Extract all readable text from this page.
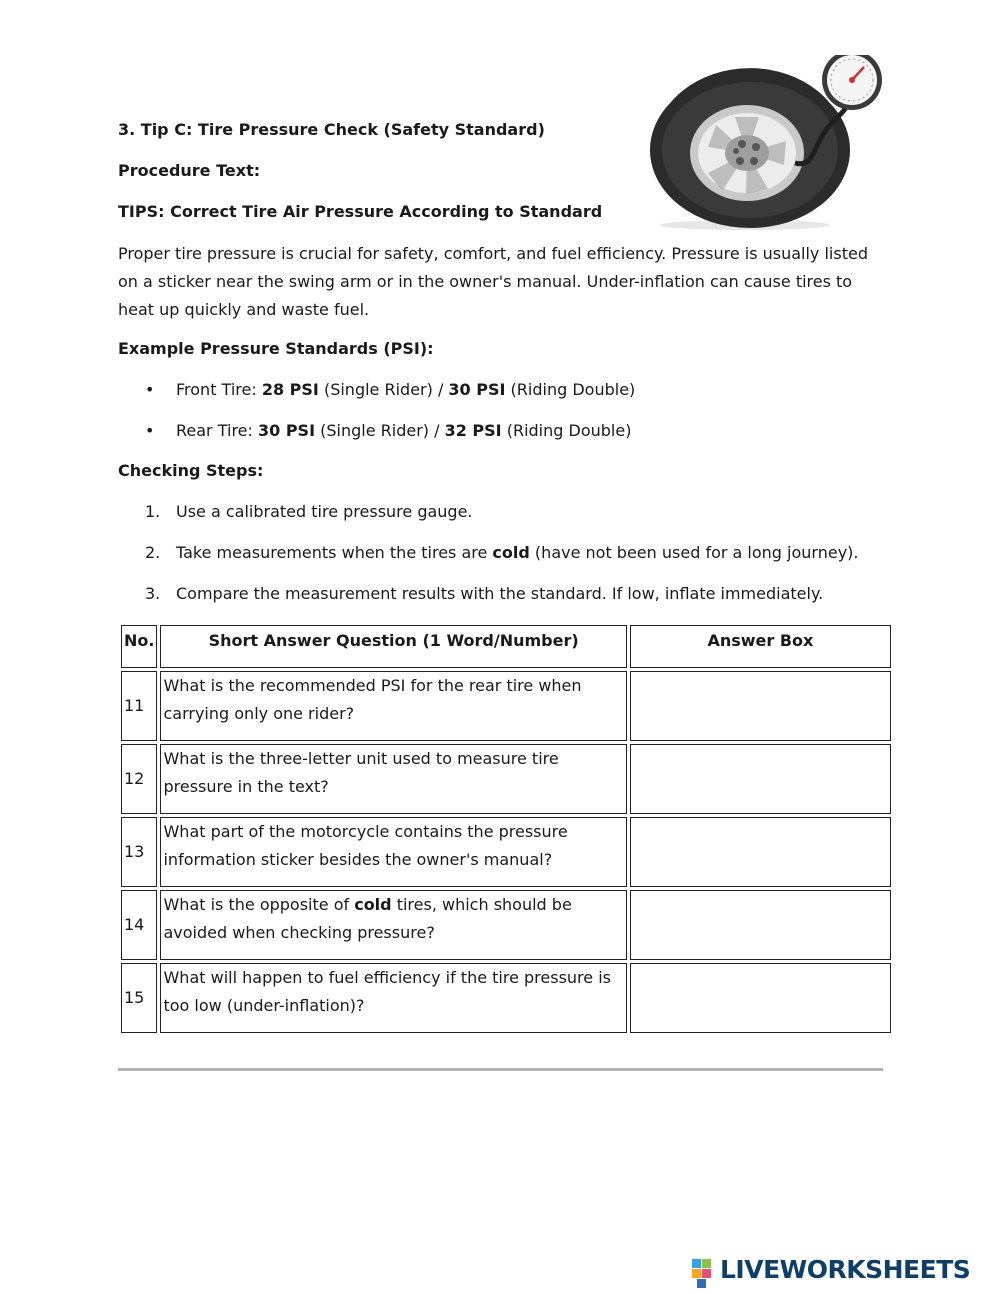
3. Tip C: Tire Pressure Check (Safety Standard)
Procedure Text:
TIPS: Correct Tire Air Pressure According to Standard
Proper tire pressure is crucial for safety, comfort, and fuel efficiency. Pressure is usually listed on a sticker near the swing arm or in the owner's manual. Under-inflation can cause tires to heat up quickly and waste fuel.
Example Pressure Standards (PSI):
• Front Tire: 28 PSI (Single Rider) / 30 PSI (Riding Double)
• Rear Tire: 30 PSI (Single Rider) / 32 PSI (Riding Double)
Checking Steps:
1. Use a calibrated tire pressure gauge.
2. Take measurements when the tires are cold (have not been used for a long journey).
3. Compare the measurement results with the standard. If low, inflate immediately.
No.	Short Answer Question (1 Word/Number)	Answer Box
11	What is the recommended PSI for the rear tire when carrying only one rider?	
12	What is the three-letter unit used to measure tire pressure in the text?	
13	What part of the motorcycle contains the pressure information sticker besides the owner's manual?	
14	What is the opposite of cold tires, which should be avoided when checking pressure?	
15	What will happen to fuel efficiency if the tire pressure is too low (under-inflation)?	
LIVEWORKSHEETS
